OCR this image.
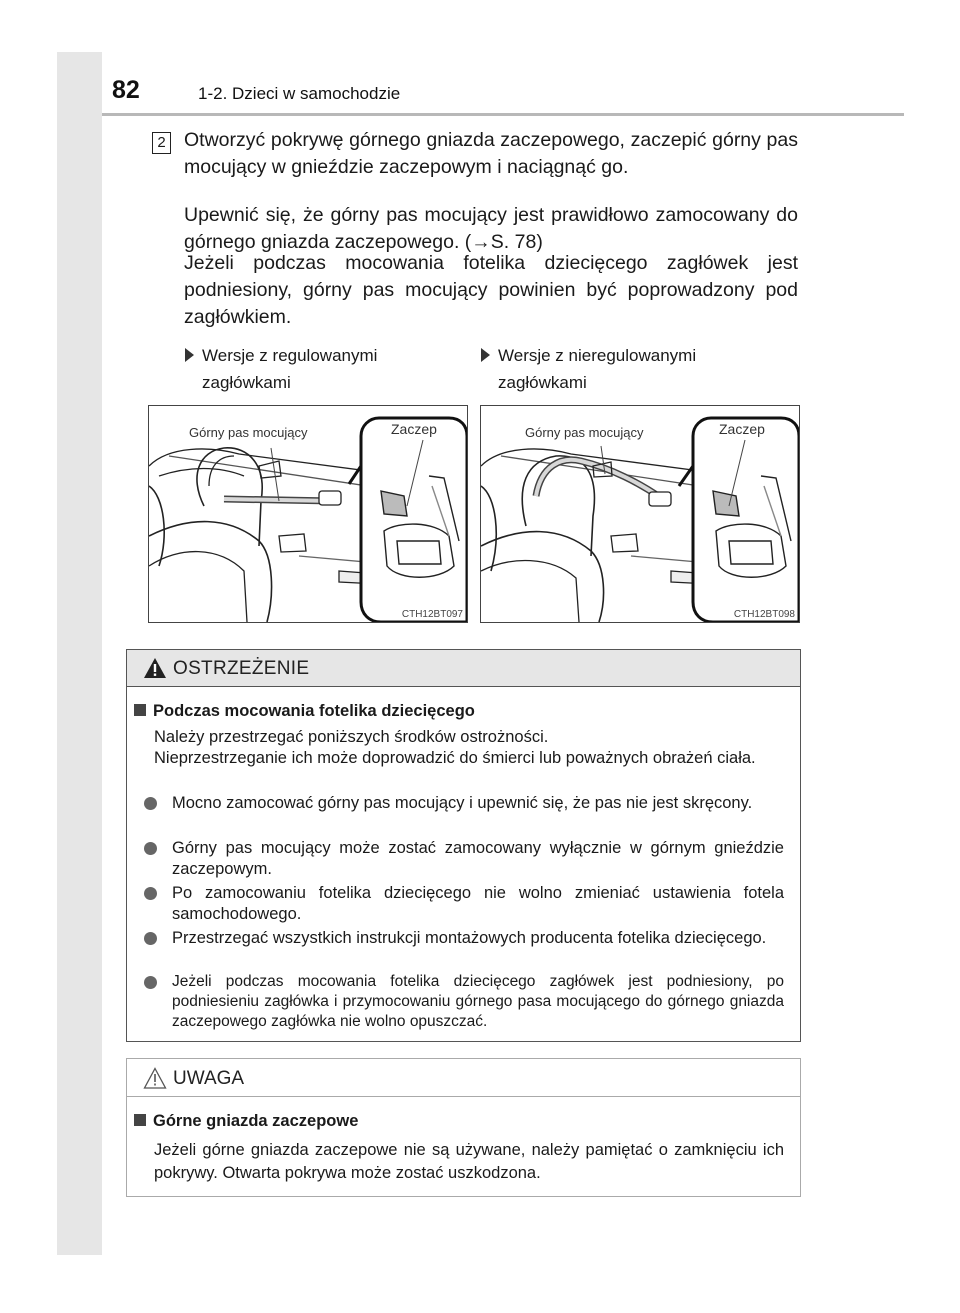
82	1-2. Dzieci w samochodzie
2 Otworzyć pokrywę górnego gniazda zaczepowego, zaczepić górny pas mocujący w gnieździe zaczepowym i naciągnąć go.
Upewnić się, że górny pas mocujący jest prawidłowo zamocowany do górnego gniazda zaczepowego. (→S. 78)
Jeżeli podczas mocowania fotelika dziecięcego zagłówek jest podniesiony, górny pas mocujący powinien być poprowadzony pod zagłówkiem.
Wersje z regulowanymi
zagłówkami
Wersje z nieregulowanymi
zagłówkami
Górny pas mocujący	Zaczep
CTH12BT097
Górny pas mocujący	Zaczep
CTH12BT098
OSTRZEŻENIE
Podczas mocowania fotelika dziecięcego
Należy przestrzegać poniższych środków ostrożności.
Nieprzestrzeganie ich może doprowadzić do śmierci lub poważnych obrażeń ciała.
Mocno zamocować górny pas mocujący i upewnić się, że pas nie jest skręcony.
Górny pas mocujący może zostać zamocowany wyłącznie w górnym gnieździe zaczepowym.
Po zamocowaniu fotelika dziecięcego nie wolno zmieniać ustawienia fotela samochodowego.
Przestrzegać wszystkich instrukcji montażowych producenta fotelika dziecięcego.
Jeżeli podczas mocowania fotelika dziecięcego zagłówek jest podniesiony, po podniesieniu zagłówka i przymocowaniu górnego pasa mocującego do górnego gniazda zaczepowego zagłówka nie wolno opuszczać.
UWAGA
Górne gniazda zaczepowe
Jeżeli górne gniazda zaczepowe nie są używane, należy pamiętać o zamknięciu ich pokrywy. Otwarta pokrywa może zostać uszkodzona.
